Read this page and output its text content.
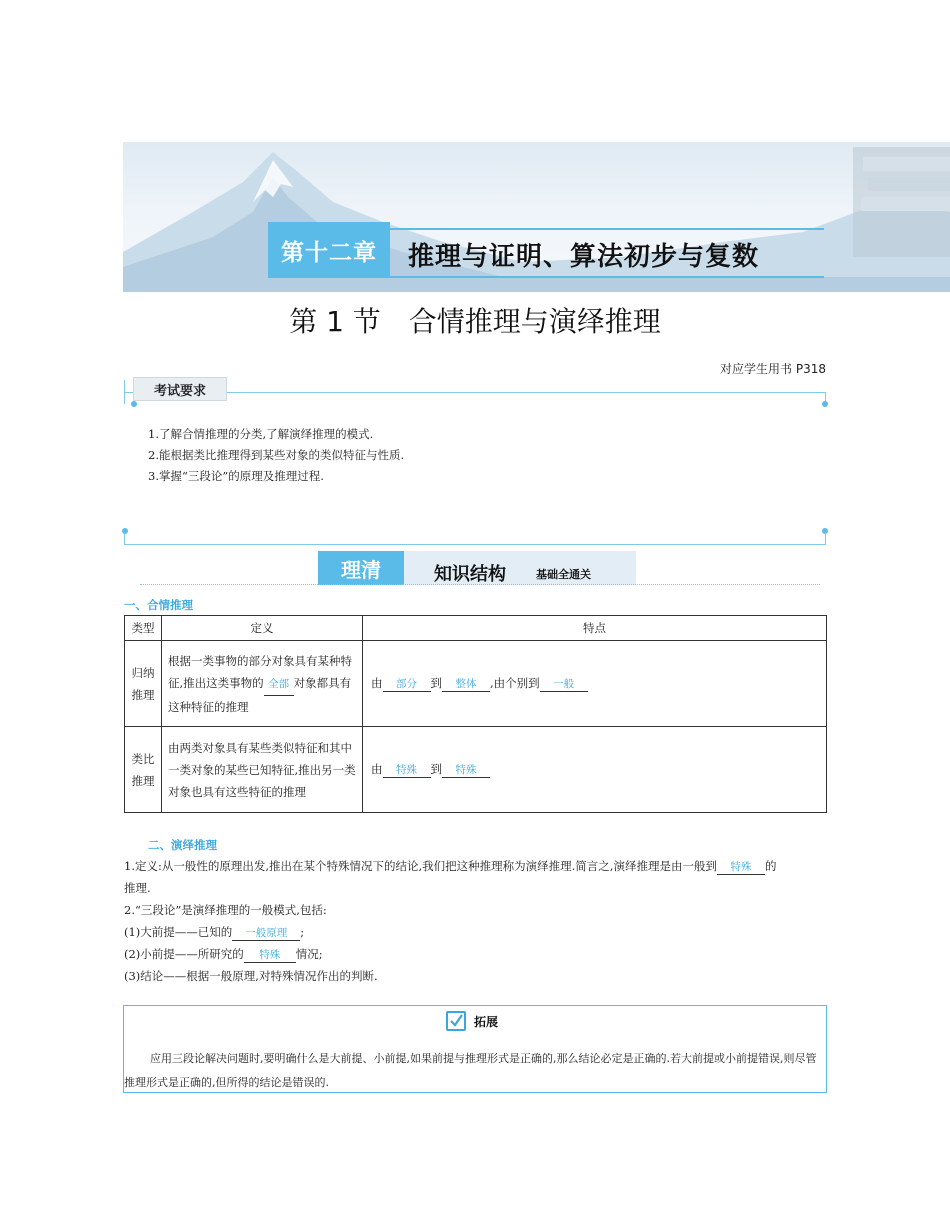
第十二章	推理与证明、算法初步与复数
第 1 节　合情推理与演绎推理
对应学生用书 P318
考试要求
1.了解合情推理的分类,了解演绎推理的模式.
2.能根据类比推理得到某些对象的类似特征与性质.
3.掌握“三段论”的原理及推理过程.
理清	知识结构	基础全通关
一、合情推理
类型	定义	特点
归纳推理	根据一类事物的部分对象具有某种特征,推出这类事物的 全部 对象都具有这种特征的推理	由 部分 到 整体 ,由个别到 一般
类比推理	由两类对象具有某些类似特征和其中一类对象的某些已知特征,推出另一类对象也具有这些特征的推理	由 特殊 到 特殊
二、演绎推理
1.定义:从一般性的原理出发,推出在某个特殊情况下的结论,我们把这种推理称为演绎推理.简言之,演绎推理是由一般到 特殊 的
推理.
2.“三段论”是演绎推理的一般模式,包括:
(1)大前提——已知的 一般原理 ;
(2)小前提——所研究的 特殊 情况;
(3)结论——根据一般原理,对特殊情况作出的判断.
拓展
应用三段论解决问题时,要明确什么是大前提、小前提,如果前提与推理形式是正确的,那么结论必定是正确的.若大前提或小前提错误,则尽管推理形式是正确的,但所得的结论是错误的.
